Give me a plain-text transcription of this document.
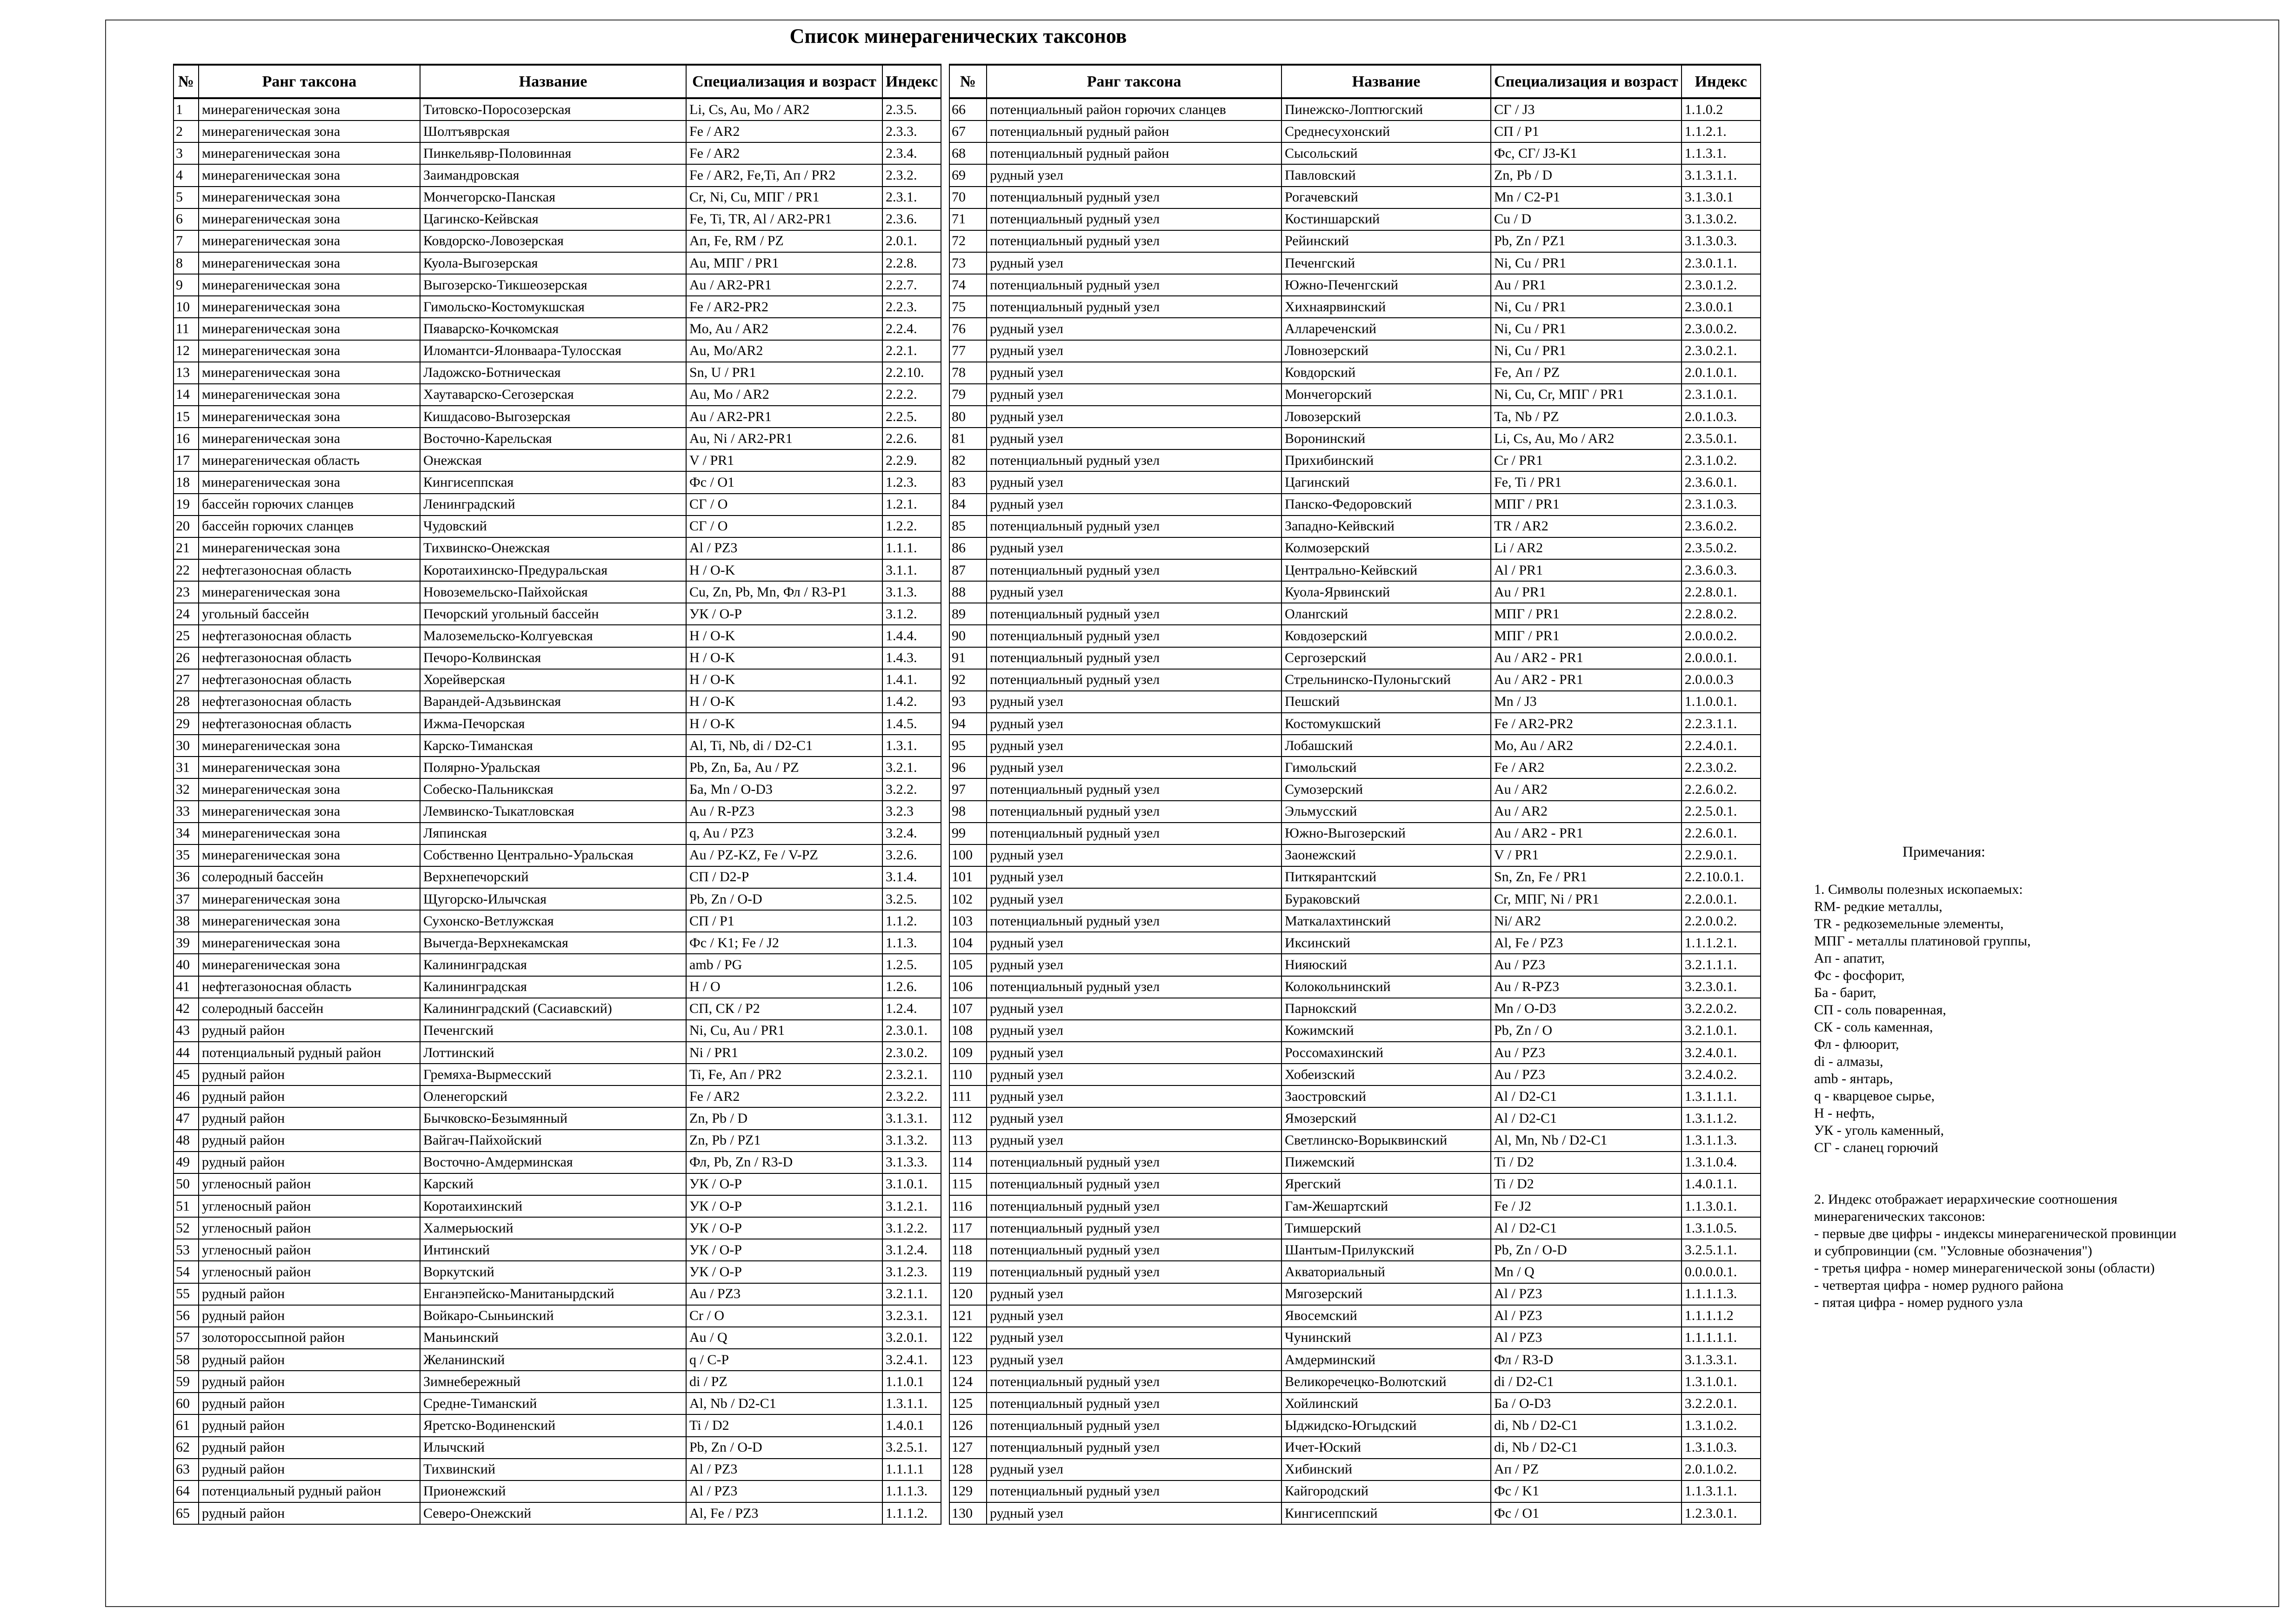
Список минерагенических таксонов
№	Ранг таксона	Название	Специализация и возраст	Индекс
1	минерагеническая зона	Титовско-Поросозерская	Li, Cs, Au, Mo / AR2	2.3.5.
2	минерагеническая зона	Шолтъяврская	Fe / AR2	2.3.3.
3	минерагеническая зона	Пинкельявр-Половинная	Fe / AR2	2.3.4.
4	минерагеническая зона	Заимандровская	Fe / AR2, Fe,Ti, Ап / PR2	2.3.2.
5	минерагеническая зона	Мончегорско-Панская	Cr, Ni, Cu, МПГ / PR1	2.3.1.
6	минерагеническая зона	Цагинско-Кейвская	Fe, Ti, TR, Al / AR2-PR1	2.3.6.
7	минерагеническая зона	Ковдорско-Ловозерская	Ап, Fe, RM / PZ	2.0.1.
8	минерагеническая зона	Куола-Выгозерская	Au, МПГ / PR1	2.2.8.
9	минерагеническая зона	Выгозерско-Тикшеозерская	Au / AR2-PR1	2.2.7.
10	минерагеническая зона	Гимольско-Костомукшская	Fe / AR2-PR2	2.2.3.
11	минерагеническая зона	Пяаварско-Кочкомская	Mo, Au / AR2	2.2.4.
12	минерагеническая зона	Иломантси-Ялонваара-Тулосская	Au, Mo/AR2	2.2.1.
13	минерагеническая зона	Ладожско-Ботническая	Sn, U / PR1	2.2.10.
14	минерагеническая зона	Хаутаварско-Сегозерская	Au, Mo / AR2	2.2.2.
15	минерагеническая зона	Кишдасово-Выгозерская	Au / AR2-PR1	2.2.5.
16	минерагеническая зона	Восточно-Карельская	Au, Ni / AR2-PR1	2.2.6.
17	минерагеническая область	Онежская	V / PR1	2.2.9.
18	минерагеническая зона	Кингисеппская	Фс / O1	1.2.3.
19	бассейн горючих сланцев	Ленинградский	СГ / O	1.2.1.
20	бассейн горючих сланцев	Чудовский	СГ / O	1.2.2.
21	минерагеническая зона	Тихвинско-Онежская	Al / PZ3	1.1.1.
22	нефтегазоносная область	Коротаихинско-Предуральская	Н / O-K	3.1.1.
23	минерагеническая зона	Новоземельско-Пайхойская	Cu, Zn, Pb, Mn, Фл / R3-P1	3.1.3.
24	угольный бассейн	Печорский угольный бассейн	УК / O-P	3.1.2.
25	нефтегазоносная область	Малоземельско-Колгуевская	Н / O-K	1.4.4.
26	нефтегазоносная область	Печоро-Колвинская	Н / O-K	1.4.3.
27	нефтегазоносная область	Хорейверская	Н / O-K	1.4.1.
28	нефтегазоносная область	Варандей-Адзьвинская	Н / O-K	1.4.2.
29	нефтегазоносная область	Ижма-Печорская	Н / O-K	1.4.5.
30	минерагеническая зона	Карско-Тиманская	Al, Ti, Nb, di / D2-C1	1.3.1.
31	минерагеническая зона	Полярно-Уральская	Pb, Zn, Ба, Au / PZ	3.2.1.
32	минерагеническая зона	Собеско-Пальникская	Ба, Mn / O-D3	3.2.2.
33	минерагеническая зона	Лемвинско-Тыкатловская	Au / R-PZ3	3.2.3
34	минерагеническая зона	Ляпинская	q, Au / PZ3	3.2.4.
35	минерагеническая зона	Собственно Центрально-Уральская	Au / PZ-KZ, Fe / V-PZ	3.2.6.
36	солеродный бассейн	Верхнепечорский	СП / D2-P	3.1.4.
37	минерагеническая зона	Щугорско-Илычская	Pb, Zn / O-D	3.2.5.
38	минерагеническая зона	Сухонско-Ветлужская	СП / P1	1.1.2.
39	минерагеническая зона	Вычегда-Верхнекамская	Фс / K1; Fe / J2	1.1.3.
40	минерагеническая зона	Калининградская	amb / PG	1.2.5.
41	нефтегазоносная область	Калининградская	Н / O	1.2.6.
42	солеродный бассейн	Калининградский (Сасиавский)	СП, СК / P2	1.2.4.
43	рудный район	Печенгский	Ni, Cu, Au / PR1	2.3.0.1.
44	потенциальный рудный район	Лоттинский	Ni / PR1	2.3.0.2.
45	рудный район	Гремяха-Вырмесский	Ti, Fe, Ап / PR2	2.3.2.1.
46	рудный район	Оленегорский	Fe / AR2	2.3.2.2.
47	рудный район	Бычковско-Безымянный	Zn, Pb / D	3.1.3.1.
48	рудный район	Вайгач-Пайхойский	Zn, Pb / PZ1	3.1.3.2.
49	рудный район	Восточно-Амдерминская	Фл, Pb, Zn / R3-D	3.1.3.3.
50	угленосный район	Карский	УК / O-P	3.1.0.1.
51	угленосный район	Коротаихинский	УК / O-P	3.1.2.1.
52	угленосный район	Халмерьюский	УК / O-P	3.1.2.2.
53	угленосный район	Интинский	УК / O-P	3.1.2.4.
54	угленосный район	Воркутский	УК / O-P	3.1.2.3.
55	рудный район	Енганэпейско-Манитанырдский	Au / PZ3	3.2.1.1.
56	рудный район	Войкаро-Сыньинский	Cr / O	3.2.3.1.
57	золотороссыпной район	Маньинский	Au / Q	3.2.0.1.
58	рудный район	Желанинский	q / C-P	3.2.4.1.
59	рудный район	Зимнебережный	di / PZ	1.1.0.1
60	рудный район	Средне-Тиманский	Al, Nb / D2-C1	1.3.1.1.
61	рудный район	Яретско-Водиненский	Ti / D2	1.4.0.1
62	рудный район	Илычский	Pb, Zn / O-D	3.2.5.1.
63	рудный район	Тихвинский	Al / PZ3	1.1.1.1
64	потенциальный рудный район	Прионежский	Al / PZ3	1.1.1.3.
65	рудный район	Северо-Онежский	Al, Fe / PZ3	1.1.1.2.
№	Ранг таксона	Название	Специализация и возраст	Индекс
66	потенциальный район горючих сланцев	Пинежско-Лоптюгский	СГ / J3	1.1.0.2
67	потенциальный рудный район	Среднесухонский	СП / P1	1.1.2.1.
68	потенциальный рудный район	Сысольский	Фс, СГ/ J3-K1	1.1.3.1.
69	рудный узел	Павловский	Zn, Pb / D	3.1.3.1.1.
70	потенциальный рудный узел	Рогачевский	Mn / C2-P1	3.1.3.0.1
71	потенциальный рудный узел	Костиншарский	Cu / D	3.1.3.0.2.
72	потенциальный рудный узел	Рейинский	Pb, Zn / PZ1	3.1.3.0.3.
73	рудный узел	Печенгский	Ni, Cu / PR1	2.3.0.1.1.
74	потенциальный рудный узел	Южно-Печенгский	Au / PR1	2.3.0.1.2.
75	потенциальный рудный узел	Хихнаярвинский	Ni, Cu / PR1	2.3.0.0.1
76	рудный узел	Аллареченский	Ni, Cu / PR1	2.3.0.0.2.
77	рудный узел	Ловнозерский	Ni, Cu / PR1	2.3.0.2.1.
78	рудный узел	Ковдорский	Fe, Ап / PZ	2.0.1.0.1.
79	рудный узел	Мончегорский	Ni, Cu, Cr, МПГ / PR1	2.3.1.0.1.
80	рудный узел	Ловозерский	Ta, Nb / PZ	2.0.1.0.3.
81	рудный узел	Воронинский	Li, Cs, Au, Mo / AR2	2.3.5.0.1.
82	потенциальный рудный узел	Прихибинский	Cr / PR1	2.3.1.0.2.
83	рудный узел	Цагинский	Fe, Ti / PR1	2.3.6.0.1.
84	рудный узел	Панско-Федоровский	МПГ / PR1	2.3.1.0.3.
85	потенциальный рудный узел	Западно-Кейвский	TR / AR2	2.3.6.0.2.
86	рудный узел	Колмозерский	Li / AR2	2.3.5.0.2.
87	потенциальный рудный узел	Центрально-Кейвский	Al / PR1	2.3.6.0.3.
88	рудный узел	Куола-Ярвинский	Au / PR1	2.2.8.0.1.
89	потенциальный рудный узел	Оланrский	МПГ / PR1	2.2.8.0.2.
90	потенциальный рудный узел	Ковдозерский	МПГ / PR1	2.0.0.0.2.
91	потенциальный рудный узел	Сергозерский	Au / AR2 - PR1	2.0.0.0.1.
92	потенциальный рудный узел	Стрельнинско-Пулоньгский	Au / AR2 - PR1	2.0.0.0.3
93	рудный узел	Пешский	Mn / J3	1.1.0.0.1.
94	рудный узел	Костомукшский	Fe / AR2-PR2	2.2.3.1.1.
95	рудный узел	Лобашский	Mo, Au / AR2	2.2.4.0.1.
96	рудный узел	Гимольский	Fe / AR2	2.2.3.0.2.
97	потенциальный рудный узел	Сумозерский	Au / AR2	2.2.6.0.2.
98	потенциальный рудный узел	Эльмусский	Au / AR2	2.2.5.0.1.
99	потенциальный рудный узел	Южно-Выгозерский	Au / AR2 - PR1	2.2.6.0.1.
100	рудный узел	Заонежский	V / PR1	2.2.9.0.1.
101	рудный узел	Питкярантский	Sn, Zn, Fe / PR1	2.2.10.0.1.
102	рудный узел	Бураковский	Cr, МПГ, Ni / PR1	2.2.0.0.1.
103	потенциальный рудный узел	Маткалахтинский	Ni/ AR2	2.2.0.0.2.
104	рудный узел	Иксинский	Al, Fe / PZ3	1.1.1.2.1.
105	рудный узел	Нияюский	Au / PZ3	3.2.1.1.1.
106	потенциальный рудный узел	Колокольнинский	Au / R-PZ3	3.2.3.0.1.
107	рудный узел	Парнокский	Mn / O-D3	3.2.2.0.2.
108	рудный узел	Кожимский	Pb, Zn / O	3.2.1.0.1.
109	рудный узел	Россомахинский	Au / PZ3	3.2.4.0.1.
110	рудный узел	Хобеизский	Au / PZ3	3.2.4.0.2.
111	рудный узел	Заостровский	Al / D2-C1	1.3.1.1.1.
112	рудный узел	Ямозерский	Al / D2-C1	1.3.1.1.2.
113	рудный узел	Светлинско-Ворыквинский	Al, Mn, Nb / D2-C1	1.3.1.1.3.
114	потенциальный рудный узел	Пижемский	Ti / D2	1.3.1.0.4.
115	потенциальный рудный узел	Ярегский	Ti / D2	1.4.0.1.1.
116	потенциальный рудный узел	Гам-Жешартский	Fe / J2	1.1.3.0.1.
117	потенциальный рудный узел	Тимшерский	Al / D2-C1	1.3.1.0.5.
118	потенциальный рудный узел	Шантым-Прилукский	Pb, Zn / O-D	3.2.5.1.1.
119	потенциальный рудный узел	Акваториальный	Mn / Q	0.0.0.0.1.
120	рудный узел	Мягозерский	Al / PZ3	1.1.1.1.3.
121	рудный узел	Явосемский	Al / PZ3	1.1.1.1.2
122	рудный узел	Чунинский	Al / PZ3	1.1.1.1.1.
123	рудный узел	Амдерминский	Фл / R3-D	3.1.3.3.1.
124	потенциальный рудный узел	Великоречецко-Волютский	di / D2-C1	1.3.1.0.1.
125	потенциальный рудный узел	Хойлинский	Ба / O-D3	3.2.2.0.1.
126	потенциальный рудный узел	Ыджидско-Югыдский	di, Nb / D2-C1	1.3.1.0.2.
127	потенциальный рудный узел	Ичет-Юский	di, Nb / D2-C1	1.3.1.0.3.
128	рудный узел	Хибинский	Ап / PZ	2.0.1.0.2.
129	потенциальный рудный узел	Кайгородский	Фс / K1	1.1.3.1.1.
130	рудный узел	Кингисеппский	Фс / O1	1.2.3.0.1.
Примечания:
1. Символы полезных ископаемых:
RM- редкие металлы,
TR - редкоземельные элементы,
МПГ - металлы платиновой группы,
Ап - апатит,
Фс - фосфорит,
Ба - барит,
СП - соль поваренная,
СК - соль каменная,
Фл - флюорит,
di - алмазы,
amb - янтарь,
q - кварцевое сырье,
Н - нефть,
УК - уголь каменный,
СГ - сланец горючий
2. Индекс отображает иерархические соотношения
минерагенических таксонов:
- первые две цифры - индексы минерагенической провинции
и субпровинции (см. "Условные обозначения")
- третья цифра - номер минерагенической зоны (области)
- четвертая цифра - номер рудного района
- пятая цифра - номер рудного узла
